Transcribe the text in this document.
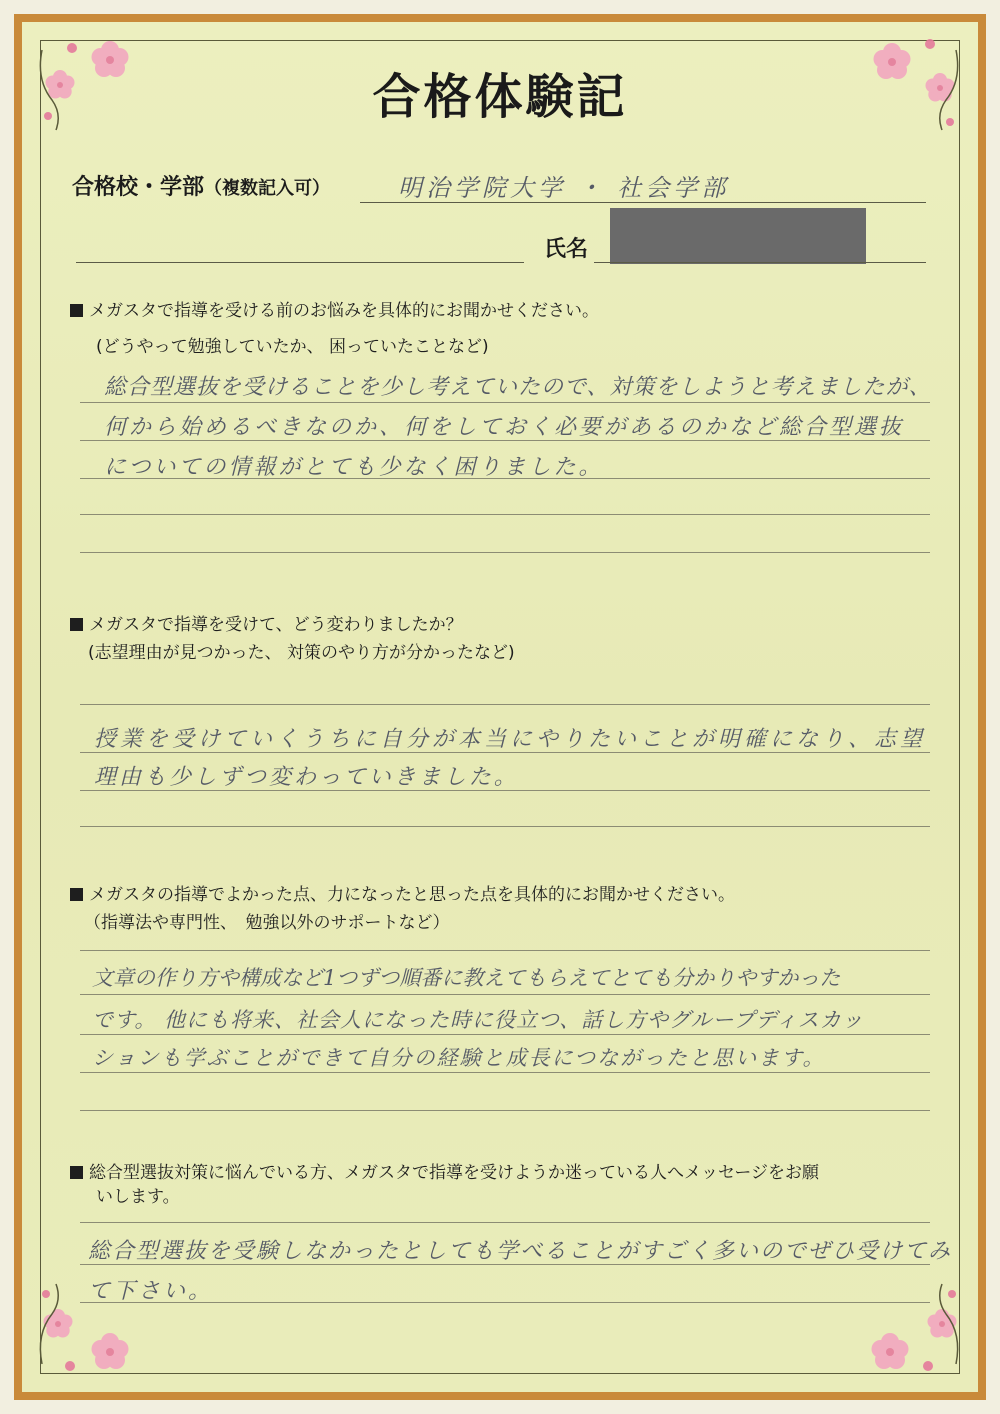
合格体験記
合格校・学部（複数記入可）	明治学院大学 ・ 社会学部
氏名
メガスタで指導を受ける前のお悩みを具体的にお聞かせください。
(どうやって勉強していたか、 困っていたことなど)
総合型選抜を受けることを少し考えていたので、対策をしようと考えましたが、
何から始めるべきなのか、何をしておく必要があるのかなど総合型選抜
についての情報がとても少なく困りました。
メガスタで指導を受けて、どう変わりましたか？
(志望理由が見つかった、 対策のやり方が分かったなど)
授業を受けていくうちに自分が本当にやりたいことが明確になり、志望
理由も少しずつ変わっていきました。
メガスタの指導でよかった点、力になったと思った点を具体的にお聞かせください。
（指導法や専門性、　勉強以外のサポートなど）
文章の作り方や構成など1つずつ順番に教えてもらえてとても分かりやすかった
です。 他にも将来、社会人になった時に役立つ、話し方やグループディスカッ
ションも学ぶことができて自分の経験と成長につながったと思います。
総合型選抜対策に悩んでいる方、メガスタで指導を受けようか迷っている人へメッセージをお願
いします。
総合型選抜を受験しなかったとしても学べることがすごく多いのでぜひ受けてみ
て下さい。
